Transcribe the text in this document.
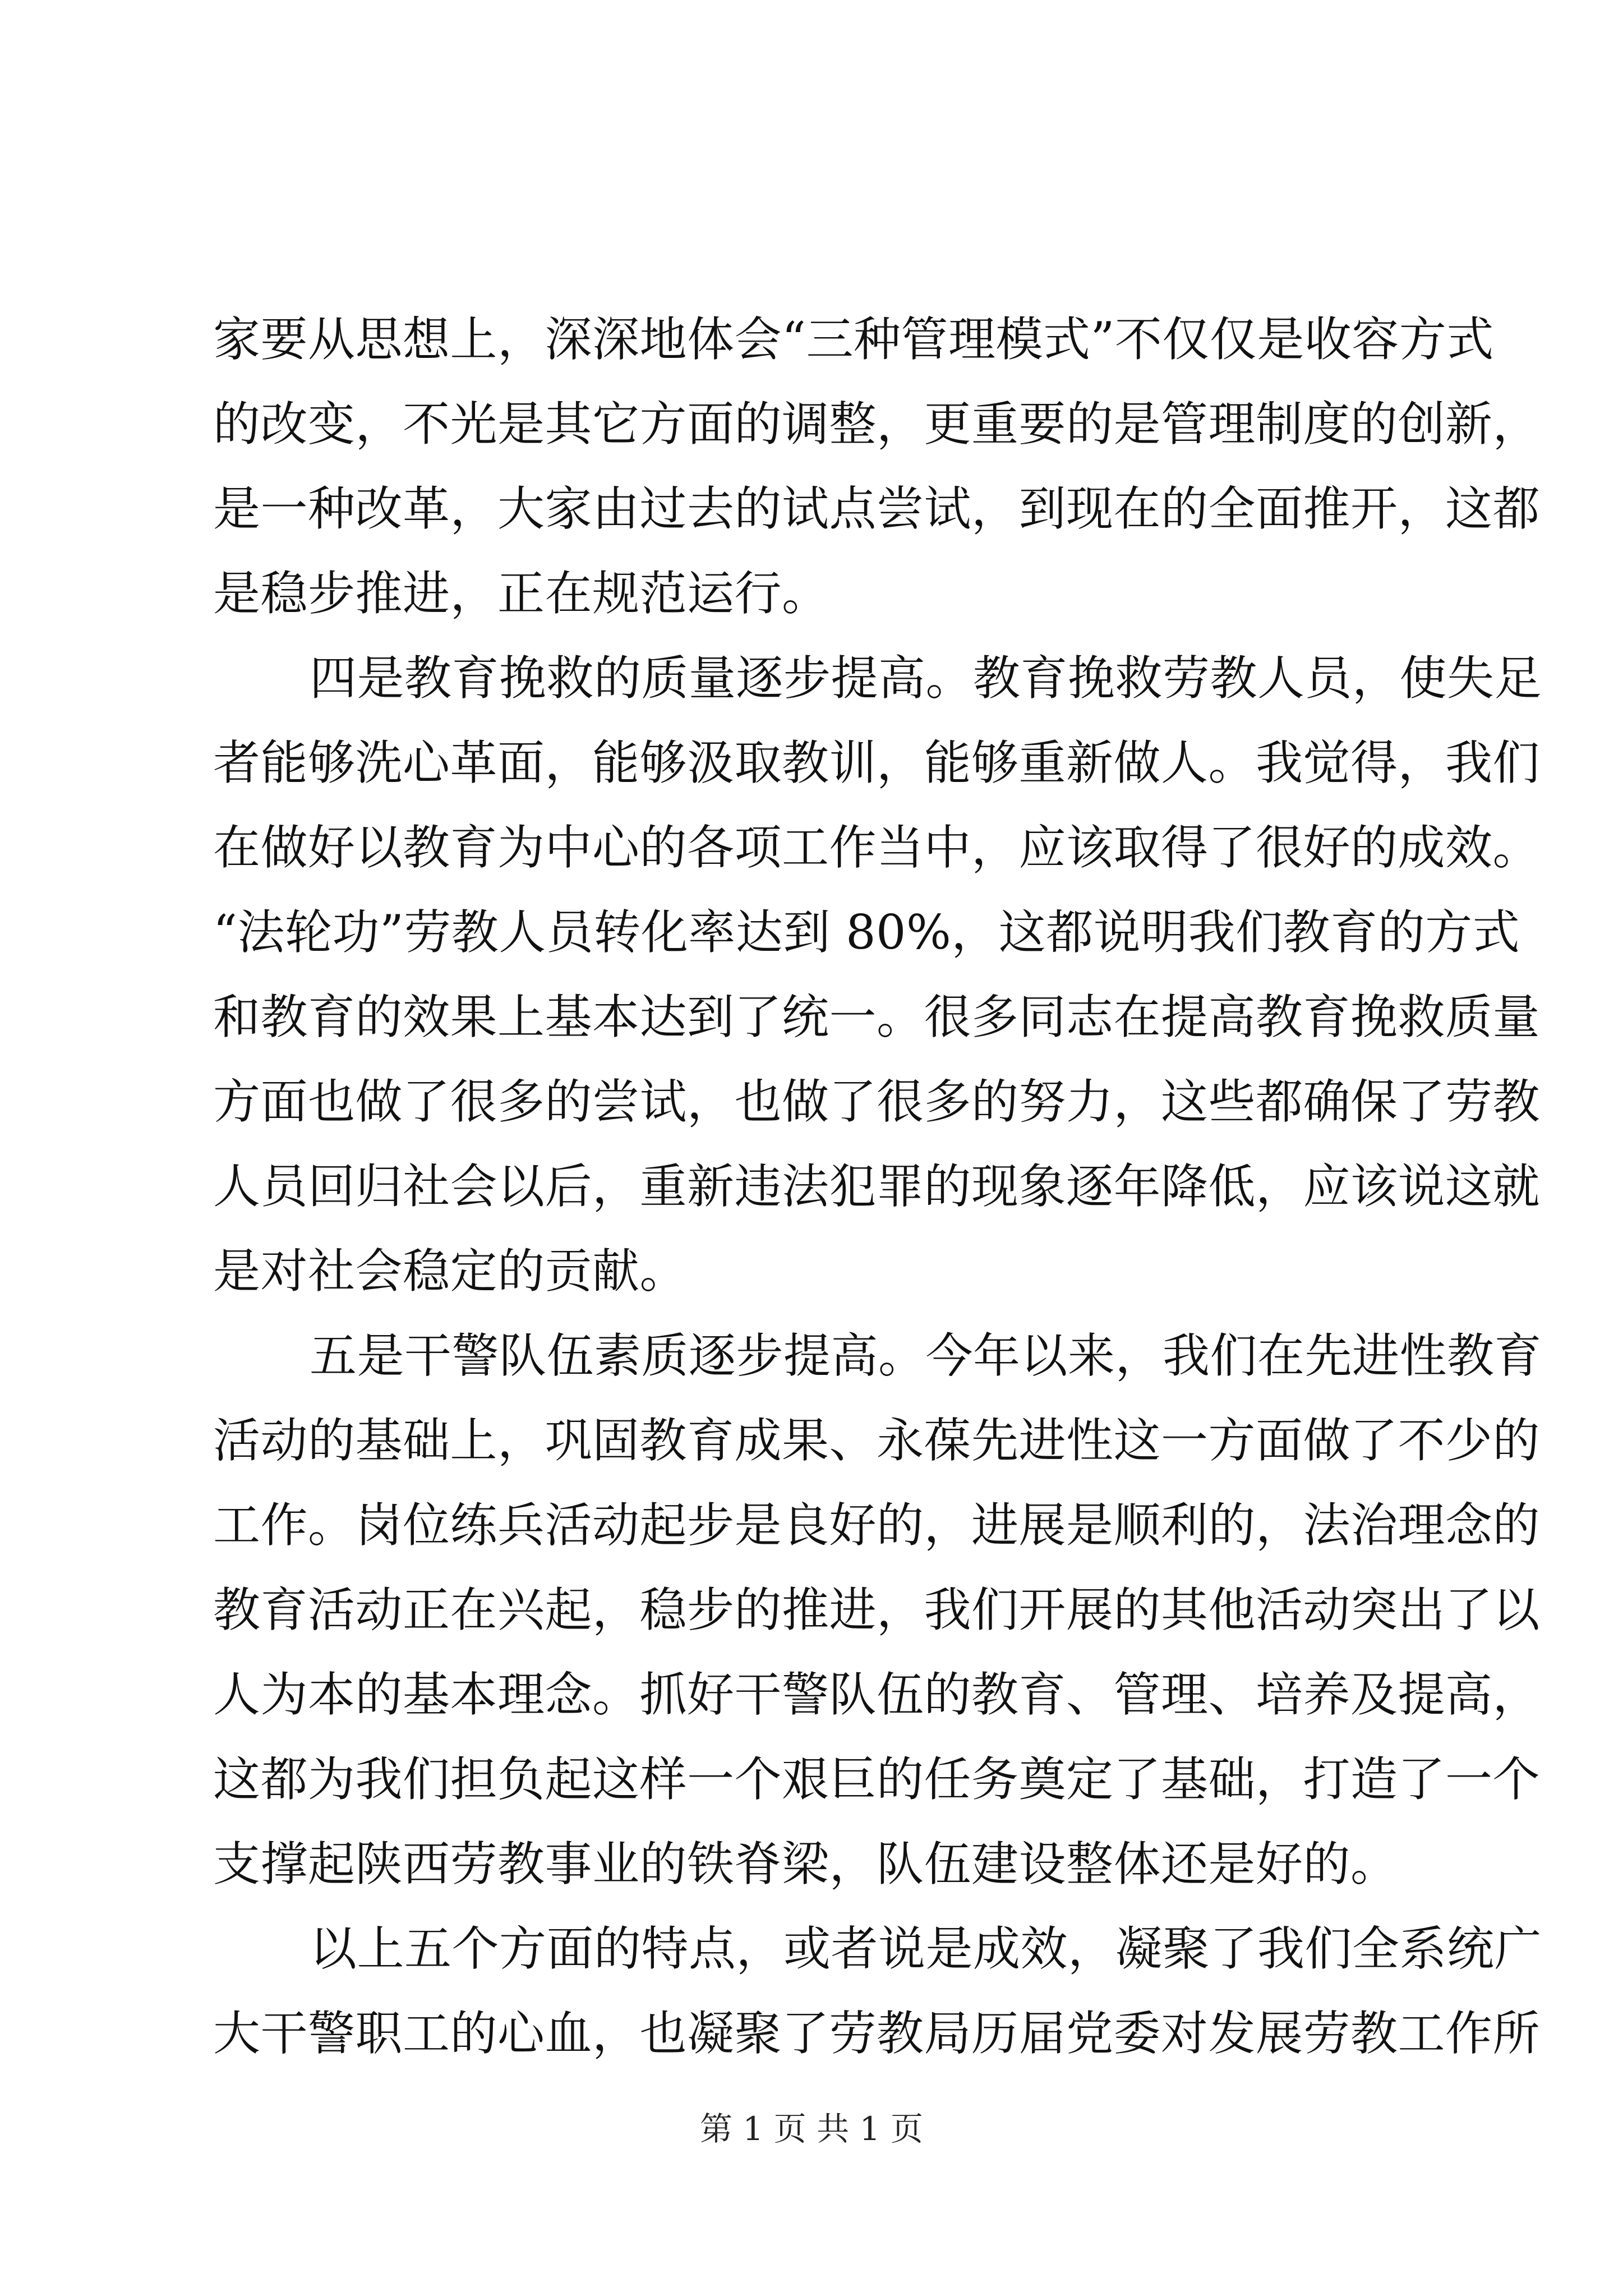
家要从思想上，深深地体会“三种管理模式”不仅仅是收容方式
的改变，不光是其它方面的调整，更重要的是管理制度的创新，
是一种改革，大家由过去的试点尝试，到现在的全面推开，这都
是稳步推进，正在规范运行。
四是教育挽救的质量逐步提高。教育挽救劳教人员，使失足
者能够洗心革面，能够汲取教训，能够重新做人。我觉得，我们
在做好以教育为中心的各项工作当中，应该取得了很好的成效。
“法轮功”劳教人员转化率达到 80%，这都说明我们教育的方式
和教育的效果上基本达到了统一。很多同志在提高教育挽救质量
方面也做了很多的尝试，也做了很多的努力，这些都确保了劳教
人员回归社会以后，重新违法犯罪的现象逐年降低，应该说这就
是对社会稳定的贡献。
五是干警队伍素质逐步提高。今年以来，我们在先进性教育
活动的基础上，巩固教育成果、永葆先进性这一方面做了不少的
工作。岗位练兵活动起步是良好的，进展是顺利的，法治理念的
教育活动正在兴起，稳步的推进，我们开展的其他活动突出了以
人为本的基本理念。抓好干警队伍的教育、管理、培养及提高，
这都为我们担负起这样一个艰巨的任务奠定了基础，打造了一个
支撑起陕西劳教事业的铁脊梁，队伍建设整体还是好的。
以上五个方面的特点，或者说是成效，凝聚了我们全系统广
大干警职工的心血，也凝聚了劳教局历届党委对发展劳教工作所
第 1 页 共 1 页
